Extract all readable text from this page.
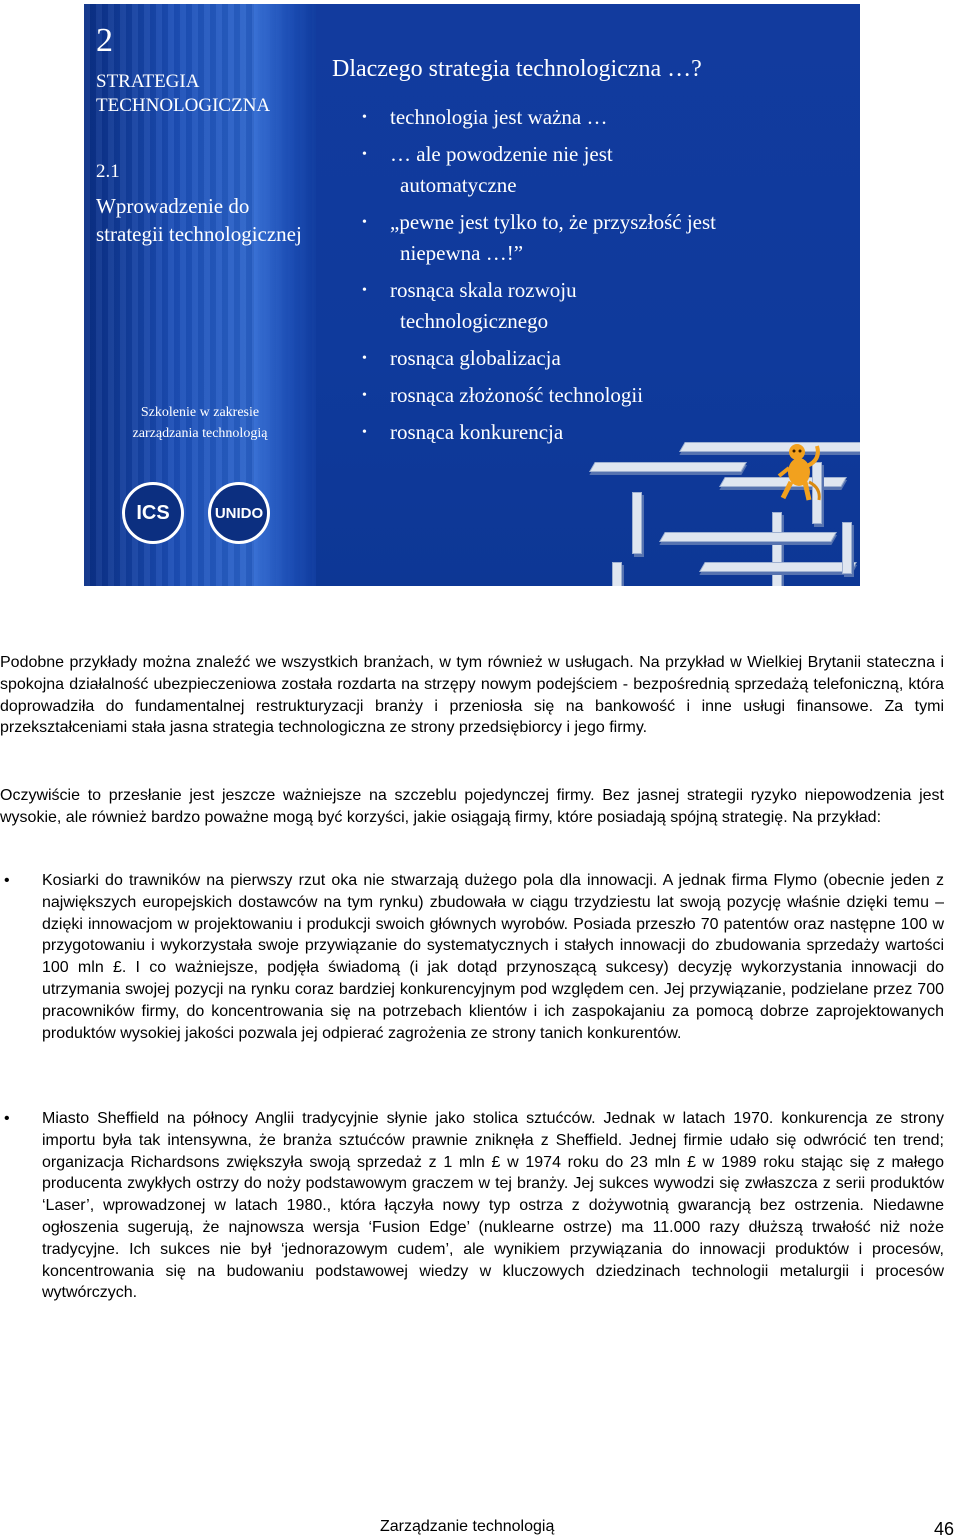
2
STRATEGIA TECHNOLOGICZNA
2.1
Wprowadzenie do strategii technologicznej
Szkolenie w zakresie
zarządzania technologią
ICS	UNIDO
Dlaczego strategia technologiczna …?
• technologia jest ważna …
• … ale powodzenie nie jest
automatyczne
• „pewne jest tylko to, że przyszłość jest
niepewna …!”
• rosnąca skala rozwoju
technologicznego
• rosnąca globalizacja
• rosnąca złożoność technologii
• rosnąca konkurencja
Podobne przykłady można znaleźć we wszystkich branżach, w tym również w usługach. Na przykład w Wielkiej Brytanii stateczna i spokojna działalność ubezpieczeniowa została rozdarta na strzępy nowym podejściem - bezpośrednią sprzedażą telefoniczną, która doprowadziła do fundamentalnej restrukturyzacji branży i przeniosła się na bankowość i inne usługi finansowe. Za tymi przekształceniami stała jasna strategia technologiczna ze strony przedsiębiorcy i jego firmy.
Oczywiście to przesłanie jest jeszcze ważniejsze na szczeblu pojedynczej firmy. Bez jasnej strategii ryzyko niepowodzenia jest wysokie, ale również bardzo poważne mogą być korzyści, jakie osiągają firmy, które posiadają spójną strategię. Na przykład:
• Kosiarki do trawników na pierwszy rzut oka nie stwarzają dużego pola dla innowacji. A jednak firma Flymo (obecnie jeden z największych europejskich dostawców na tym rynku) zbudowała w ciągu trzydziestu lat swoją pozycję właśnie dzięki temu – dzięki innowacjom w projektowaniu i produkcji swoich głównych wyrobów. Posiada przeszło 70 patentów oraz następne 100 w przygotowaniu i wykorzystała swoje przywiązanie do systematycznych i stałych innowacji do zbudowania sprzedaży wartości 100 mln £. I co ważniejsze, podjęła świadomą (i jak dotąd przynoszącą sukcesy) decyzję wykorzystania innowacji do utrzymania swojej pozycji na rynku coraz bardziej konkurencyjnym pod względem cen. Jej przywiązanie, podzielane przez 700 pracowników firmy, do koncentrowania się na potrzebach klientów i ich zaspokajaniu za pomocą dobrze zaprojektowanych produktów wysokiej jakości pozwala jej odpierać zagrożenia ze strony tanich konkurentów.
• Miasto Sheffield na północy Anglii tradycyjnie słynie jako stolica sztućców. Jednak w latach 1970. konkurencja ze strony importu była tak intensywna, że branża sztućców prawnie zniknęła z Sheffield. Jednej firmie udało się odwrócić ten trend; organizacja Richardsons zwiększyła swoją sprzedaż z 1 mln £ w 1974 roku do 23 mln £ w 1989 roku stając się z małego producenta zwykłych ostrzy do noży podstawowym graczem w tej branży. Jej sukces wywodzi się zwłaszcza z serii produktów ‘Laser’, wprowadzonej w latach 1980., która łączyła nowy typ ostrza z dożywotnią gwarancją bez ostrzenia. Niedawne ogłoszenia sugerują, że najnowsza wersja ‘Fusion Edge’ (nuklearne ostrze) ma 11.000 razy dłuższą trwałość niż noże tradycyjne. Ich sukces nie był ‘jednorazowym cudem’, ale wynikiem przywiązania do innowacji produktów i procesów, koncentrowania się na budowaniu podstawowej wiedzy w kluczowych dziedzinach technologii metalurgii i procesów wytwórczych.
Zarządzanie technologią	46
